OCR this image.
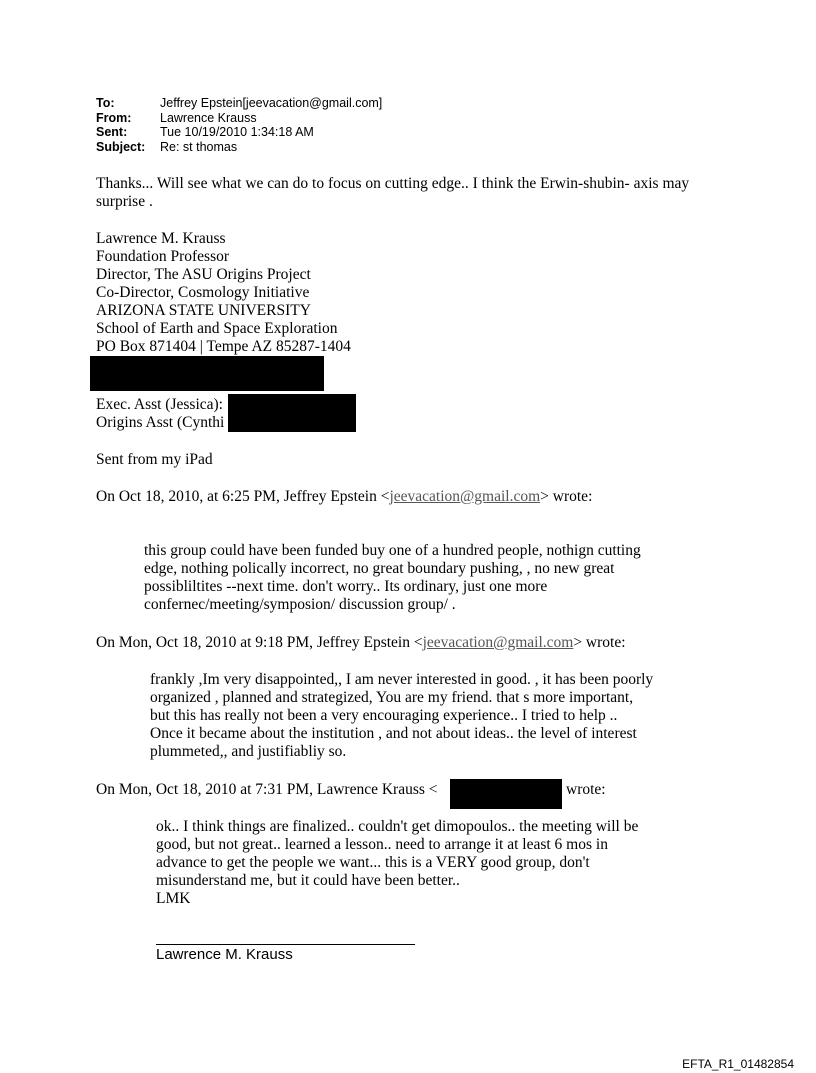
To:	Jeffrey Epstein[jeevacation@gmail.com]
From:	Lawrence Krauss
Sent:	Tue 10/19/2010 1:34:18 AM
Subject:	Re: st thomas
Thanks... Will see what we can do to focus on cutting edge.. I think the Erwin-shubin- axis may
surprise .
Lawrence M. Krauss
Foundation Professor
Director, The ASU Origins Project
Co-Director, Cosmology Initiative
ARIZONA STATE UNIVERSITY
School of Earth and Space Exploration
PO Box 871404 | Tempe AZ 85287-1404
Exec. Asst (Jessica):
Origins Asst (Cynthi
Sent from my iPad
On Oct 18, 2010, at 6:25 PM, Jeffrey Epstein <jeevacation@gmail.com> wrote:
this group could have been funded buy one of a hundred people, nothign cutting
edge, nothing polically incorrect, no great boundary pushing, , no new great
possibliltites --next time. don't worry.. Its ordinary, just one more
confernec/meeting/symposion/ discussion group/ .
On Mon, Oct 18, 2010 at 9:18 PM, Jeffrey Epstein <jeevacation@gmail.com> wrote:
frankly ,Im very disappointed,, I am never interested in good. , it has been poorly
organized , planned and strategized, You are my friend. that s more important,
but this has really not been a very encouraging experience.. I tried to help ..
Once it became about the institution , and not about ideas.. the level of interest
plummeted,, and justifiabliy so.
On Mon, Oct 18, 2010 at 7:31 PM, Lawrence Krauss <	wrote:
ok.. I think things are finalized.. couldn't get dimopoulos.. the meeting will be
good, but not great.. learned a lesson.. need to arrange it at least 6 mos in
advance to get the people we want... this is a VERY good group, don't
misunderstand me, but it could have been better..
LMK
Lawrence M. Krauss
EFTA_R1_01482854
